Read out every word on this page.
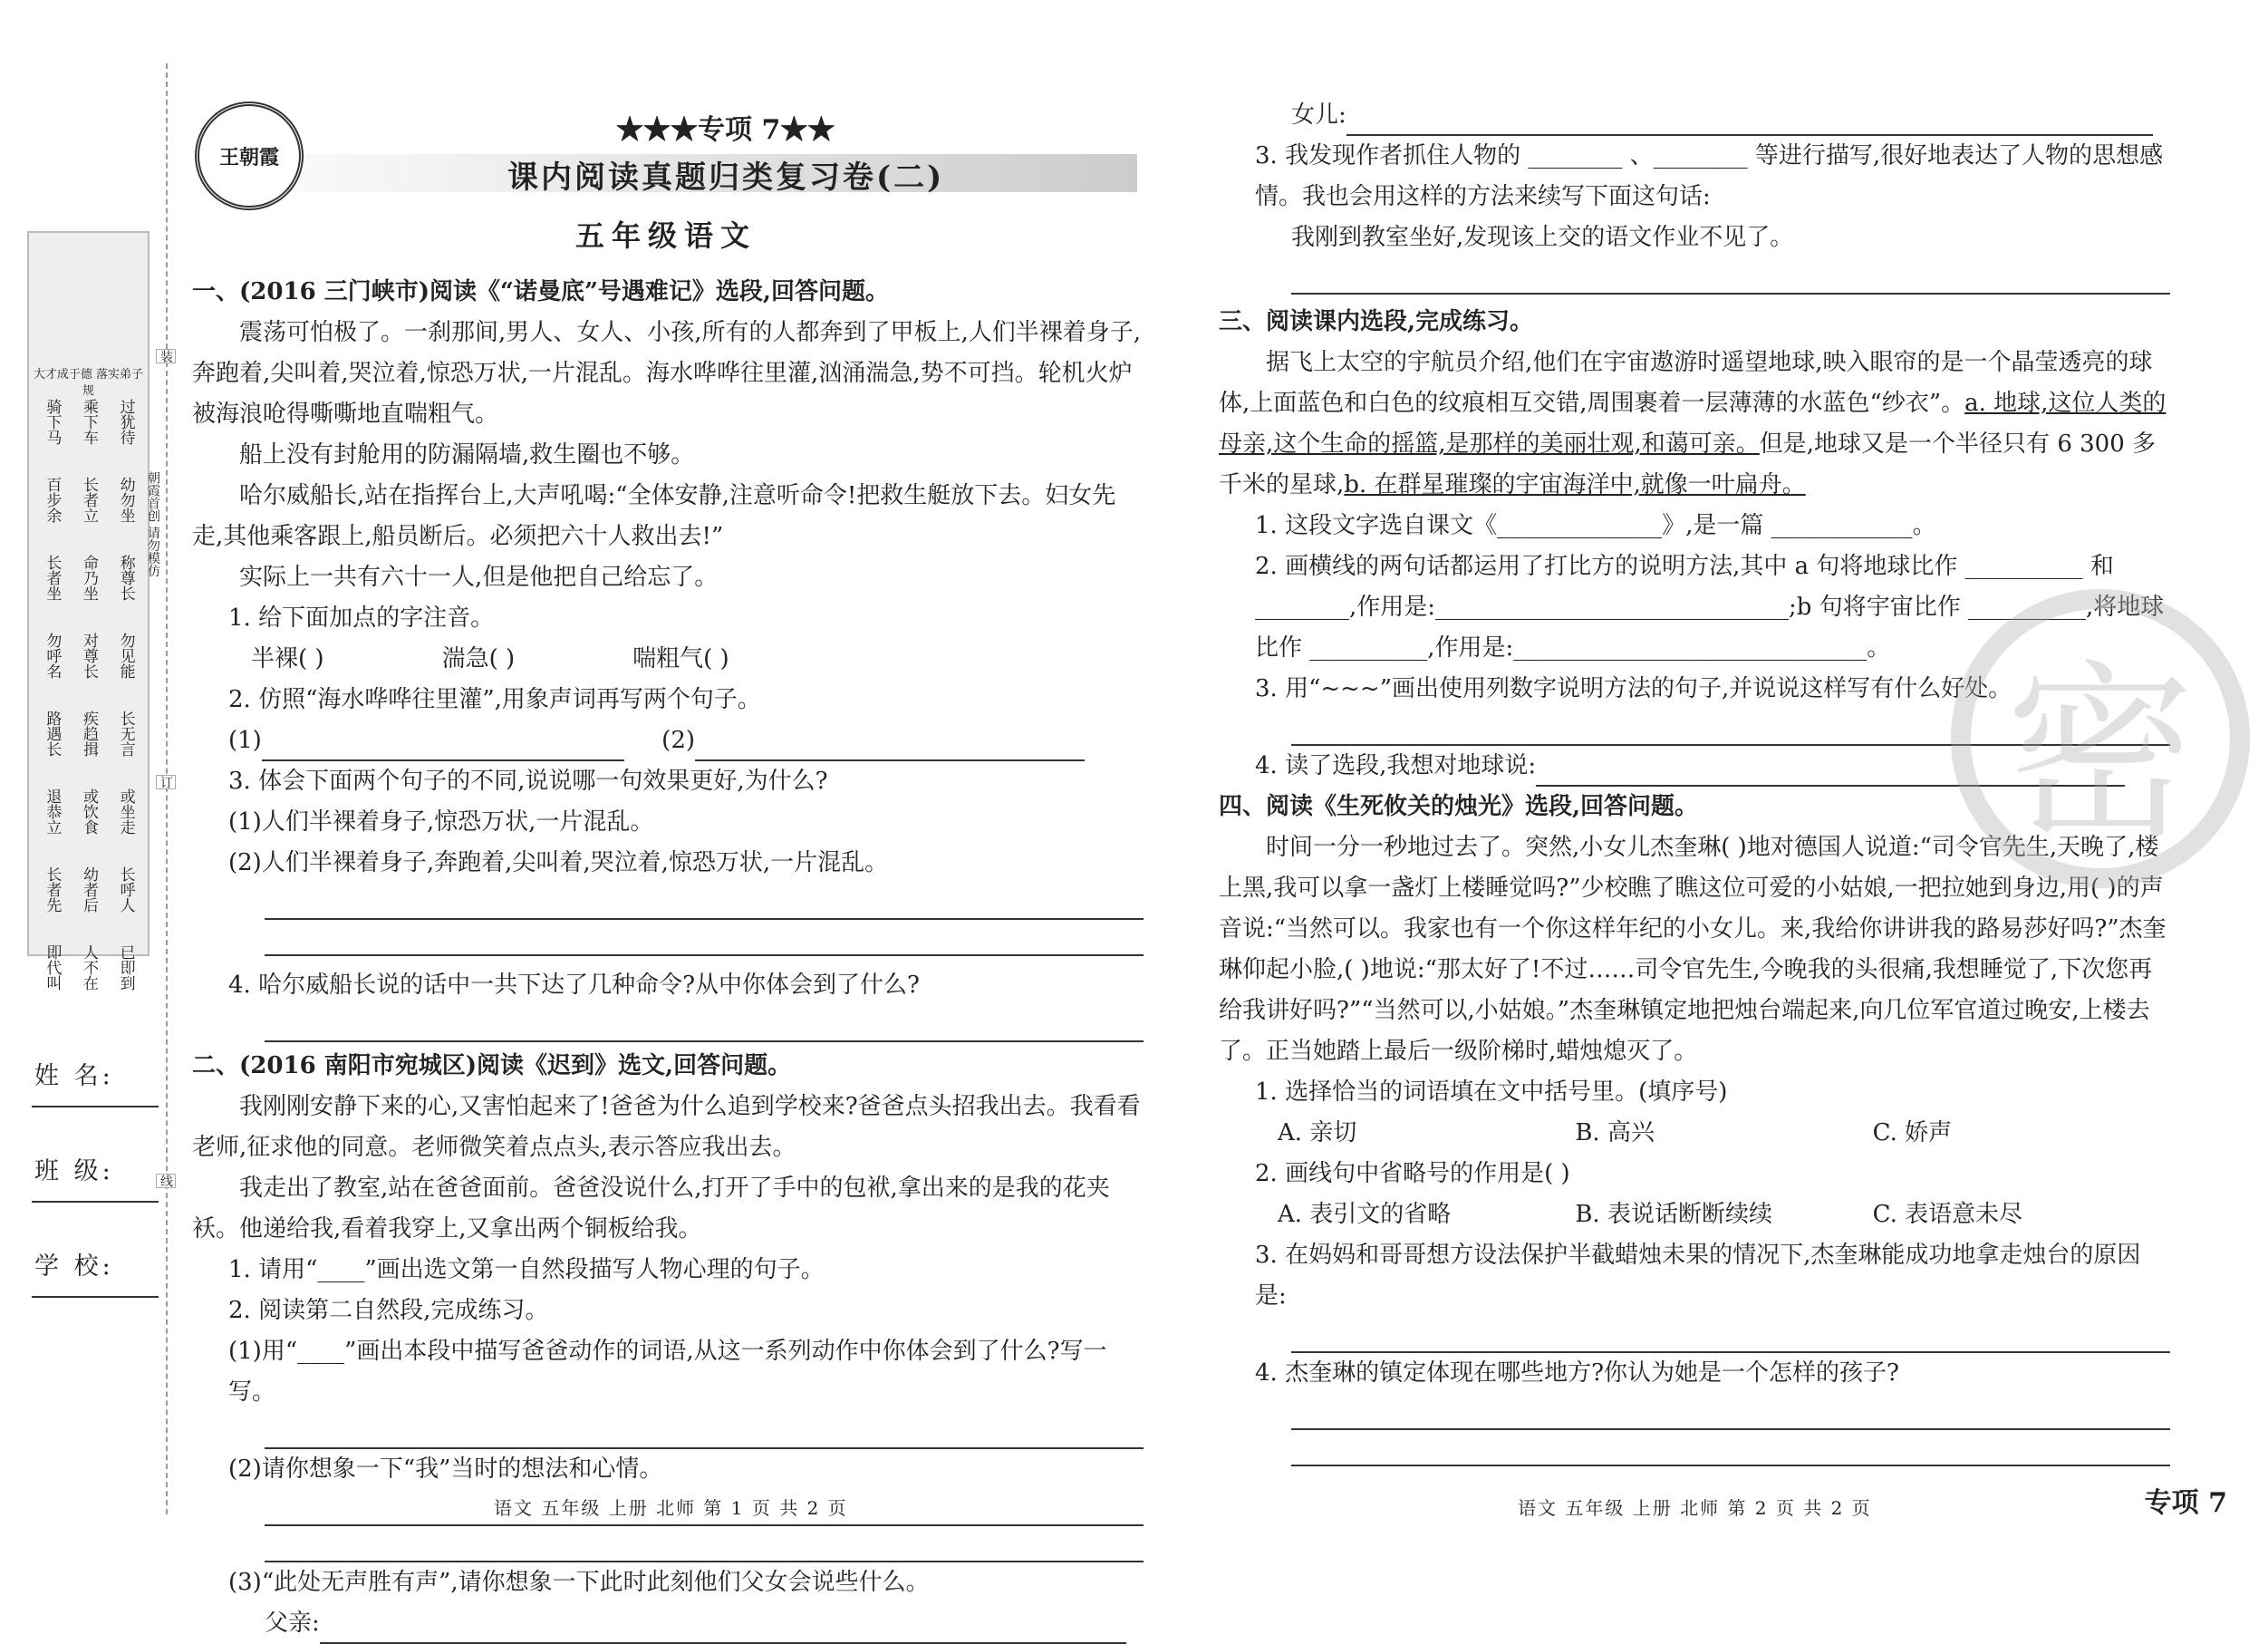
大才成于德 落实弟子规
骑下马 乘下车 过犹待
百步余 长者立 幼勿坐
长者坐 命乃坐 称尊长
勿呼名 对尊长 勿见能
路遇长 疾趋揖 长无言
退恭立 或饮食 或坐走
长者先 幼者后 长呼人
即代叫 人不在 已即到
装
订
线
朝霞首创 请勿模仿
姓 名:
班 级:
学 校:
王朝霞
★★★专项 7★★
课内阅读真题归类复习卷(二)
五年级语文
一、(2016 三门峡市)阅读《“诺曼底”号遇难记》选段,回答问题。
震荡可怕极了。一刹那间,男人、女人、小孩,所有的人都奔到了甲板上,人们半裸着身子,奔跑着,尖叫着,哭泣着,惊恐万状,一片混乱。海水哗哗往里灌,汹涌湍急,势不可挡。轮机火炉被海浪呛得嘶嘶地直喘粗气。
船上没有封舱用的防漏隔墙,救生圈也不够。
哈尔威船长,站在指挥台上,大声吼喝:“全体安静,注意听命令!把救生艇放下去。妇女先走,其他乘客跟上,船员断后。必须把六十人救出去!”
实际上一共有六十一人,但是他把自己给忘了。
1. 给下面加点的字注音。
半裸( )	湍急( )	喘粗气( )
2. 仿照“海水哗哗往里灌”,用象声词再写两个句子。
(1)	(2)
3. 体会下面两个句子的不同,说说哪一句效果更好,为什么?
(1)人们半裸着身子,惊恐万状,一片混乱。
(2)人们半裸着身子,奔跑着,尖叫着,哭泣着,惊恐万状,一片混乱。
4. 哈尔威船长说的话中一共下达了几种命令?从中你体会到了什么?
二、(2016 南阳市宛城区)阅读《迟到》选文,回答问题。
我刚刚安静下来的心,又害怕起来了!爸爸为什么追到学校来?爸爸点头招我出去。我看看老师,征求他的同意。老师微笑着点点头,表示答应我出去。
我走出了教室,站在爸爸面前。爸爸没说什么,打开了手中的包袱,拿出来的是我的花夹袄。他递给我,看着我穿上,又拿出两个铜板给我。
1. 请用“____”画出选文第一自然段描写人物心理的句子。
2. 阅读第二自然段,完成练习。
(1)用“____”画出本段中描写爸爸动作的词语,从这一系列动作中你体会到了什么?写一写。
(2)请你想象一下“我”当时的想法和心情。
(3)“此处无声胜有声”,请你想象一下此时此刻他们父女会说些什么。
父亲:
语文 五年级 上册 北师 第 1 页 共 2 页
女儿:
3. 我发现作者抓住人物的 ________ 、________ 等进行描写,很好地表达了人物的思想感情。我也会用这样的方法来续写下面这句话:
我刚到教室坐好,发现该上交的语文作业不见了。
三、阅读课内选段,完成练习。
据飞上太空的宇航员介绍,他们在宇宙遨游时遥望地球,映入眼帘的是一个晶莹透亮的球体,上面蓝色和白色的纹痕相互交错,周围裹着一层薄薄的水蓝色“纱衣”。a. 地球,这位人类的母亲,这个生命的摇篮,是那样的美丽壮观,和蔼可亲。但是,地球又是一个半径只有 6 300 多千米的星球,b. 在群星璀璨的宇宙海洋中,就像一叶扁舟。
1. 这段文字选自课文《______________》,是一篇 ____________。
2. 画横线的两句话都运用了打比方的说明方法,其中 a 句将地球比作 __________ 和 ________,作用是:______________________________;b 句将宇宙比作 __________,将地球比作 __________,作用是:______________________________。
3. 用“~~~”画出使用列数字说明方法的句子,并说说这样写有什么好处。
4. 读了选段,我想对地球说:
四、阅读《生死攸关的烛光》选段,回答问题。
时间一分一秒地过去了。突然,小女儿杰奎琳( )地对德国人说道:“司令官先生,天晚了,楼上黑,我可以拿一盏灯上楼睡觉吗?”少校瞧了瞧这位可爱的小姑娘,一把拉她到身边,用( )的声音说:“当然可以。我家也有一个你这样年纪的小女儿。来,我给你讲讲我的路易莎好吗?”杰奎琳仰起小脸,( )地说:“那太好了!不过……司令官先生,今晚我的头很痛,我想睡觉了,下次您再给我讲好吗?”“当然可以,小姑娘。”杰奎琳镇定地把烛台端起来,向几位军官道过晚安,上楼去了。正当她踏上最后一级阶梯时,蜡烛熄灭了。
1. 选择恰当的词语填在文中括号里。(填序号)
A. 亲切	B. 高兴	C. 娇声
2. 画线句中省略号的作用是( )
A. 表引文的省略	B. 表说话断断续续	C. 表语意未尽
3. 在妈妈和哥哥想方设法保护半截蜡烛未果的情况下,杰奎琳能成功地拿走烛台的原因是:
4. 杰奎琳的镇定体现在哪些地方?你认为她是一个怎样的孩子?
语文 五年级 上册 北师 第 2 页 共 2 页	专项 7
密
